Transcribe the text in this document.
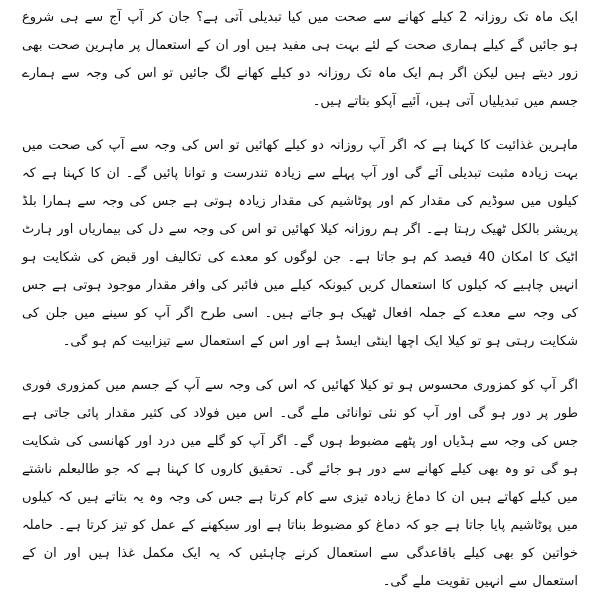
ایک ماہ تک روزانہ 2 کیلے کھانے سے صحت میں کیا تبدیلی آتی ہے؟ جان کر آپ آج سے ہی شروع ہو جائیں گے کیلے ہماری صحت کے لئے بہت ہی مفید ہیں اور ان کے استعمال پر ماہرین صحت بھی زور دیتے ہیں لیکن اگر ہم ایک ماہ تک روزانہ دو کیلے کھانے لگ جائیں تو اس کی وجہ سے ہمارے جسم میں تبدیلیاں آتی ہیں، آئیے آپکو بتاتے ہیں۔

ماہرین غذائیت کا کہنا ہے کہ اگر آپ روزانہ دو کیلے کھائیں تو اس کی وجہ سے آپ کی صحت میں بہت زیادہ مثبت تبدیلی آئے گی اور آپ پہلے سے زیادہ تندرست و توانا پائیں گے۔ ان کا کہنا ہے کہ کیلوں میں سوڈیم کی مقدار کم اور پوٹاشیم کی مقدار زیادہ ہوتی ہے جس کی وجہ سے ہمارا بلڈ پریشر بالکل ٹھیک رہتا ہے۔ اگر ہم روزانہ کیلا کھائیں تو اس کی وجہ سے دل کی بیماریاں اور ہارٹ اٹیک کا امکان 40 فیصد کم ہو جاتا ہے۔ جن لوگوں کو معدے کی تکالیف اور قبض کی شکایت ہو انہیں چاہیے کہ کیلوں کا استعمال کریں کیونکہ کیلے میں فائبر کی وافر مقدار موجود ہوتی ہے جس کی وجہ سے معدے کے جملہ افعال ٹھیک ہو جاتے ہیں۔ اسی طرح اگر آپ کو سینے میں جلن کی شکایت رہتی ہو تو کیلا ایک اچھا اینٹی ایسڈ ہے اور اس کے استعمال سے تیزابیت کم ہو گی۔

اگر آپ کو کمزوری محسوس ہو تو کیلا کھائیں کہ اس کی وجہ سے آپ کے جسم میں کمزوری فوری طور پر دور ہو گی اور آپ کو نئی توانائی ملے گی۔ اس میں فولاد کی کثیر مقدار پائی جاتی ہے جس کی وجہ سے ہڈیاں اور پٹھے مضبوط ہوں گے۔ اگر آپ کو گلے میں درد اور کھانسی کی شکایت ہو گی تو وہ بھی کیلے کھانے سے دور ہو جائے گی۔ تحقیق کاروں کا کہنا ہے کہ جو طالبعلم ناشتے میں کیلے کھاتے ہیں ان کا دماغ زیادہ تیزی سے کام کرتا ہے جس کی وجہ وہ یہ بتاتے ہیں کہ کیلوں میں پوٹاشیم پایا جاتا ہے جو کہ دماغ کو مضبوط بناتا ہے اور سیکھنے کے عمل کو تیز کرتا ہے۔ حاملہ خواتین کو بھی کیلے باقاعدگی سے استعمال کرنے چاہئیں کہ یہ ایک مکمل غذا ہیں اور ان کے استعمال سے انہیں تقویت ملے گی۔
